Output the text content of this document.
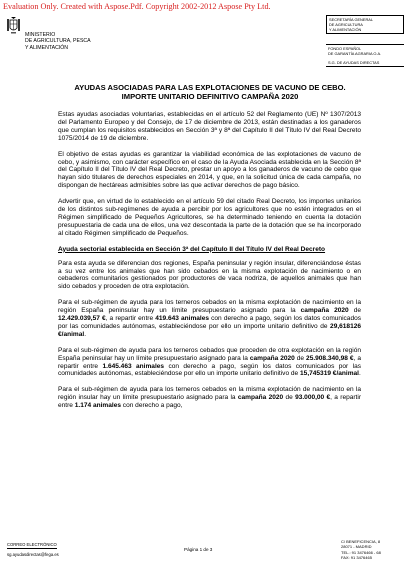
Evaluation Only. Created with Aspose.Pdf. Copyright 2002-2012 Aspose Pty Ltd.
MINISTERIO
DE AGRICULTURA, PESCA
Y ALIMENTACIÓN
SECRETARÍA GENERAL
DE AGRICULTURA
Y ALIMENTACIÓN
FONDO ESPAÑOL
DE GARANTÍA AGRARIA O.A.
S.G. DE AYUDAS DIRECTAS
AYUDAS ASOCIADAS PARA LAS EXPLOTACIONES DE VACUNO DE CEBO.
IMPORTE UNITARIO DEFINITIVO CAMPAÑA 2020

Estas ayudas asociadas voluntarias, establecidas en el artículo 52 del Reglamento (UE) Nº 1307/2013 del Parlamento Europeo y del Consejo, de 17 de diciembre de 2013, están destinadas a los ganaderos que cumplan los requisitos establecidos en Sección 3ª y 8ª del Capítulo II del Título IV del Real Decreto 1075/2014 de 19 de diciembre.

El objetivo de estas ayudas es garantizar la viabilidad económica de las explotaciones de vacuno de cebo, y asimismo, con carácter específico en el caso de la Ayuda Asociada establecida en la Sección 8ª del Capítulo II del Título IV del Real Decreto, prestar un apoyo a los ganaderos de vacuno de cebo que hayan sido titulares de derechos especiales en 2014, y que, en la solicitud única de cada campaña, no dispongan de hectáreas admisibles sobre las que activar derechos de pago básico.

Advertir que, en virtud de lo establecido en el artículo 59 del citado Real Decreto, los importes unitarios de los distintos sub-regímenes de ayuda a percibir por los agricultores que no estén integrados en el Régimen simplificado de Pequeños Agricultores, se ha determinado teniendo en cuenta la dotación presupuestaria de cada una de ellos, una vez descontada la parte de la dotación que se ha incorporado al citado Régimen simplificado de Pequeños.

Ayuda sectorial establecida en Sección 3ª del Capítulo II del Título IV del Real Decreto

Para esta ayuda se diferencian dos regiones, España peninsular y región insular, diferenciándose éstas a su vez entre los animales que han sido cebados en la misma explotación de nacimiento o en cebaderos comunitarios gestionados por productores de vaca nodriza, de aquellos animales que han sido cebados y proceden de otra explotación.

Para el sub-régimen de ayuda para los terneros cebados en la misma explotación de nacimiento en la región España peninsular hay un límite presupuestario asignado para la campaña 2020 de 12.429.039,57 €, a repartir entre 419.643 animales con derecho a pago, según los datos comunicados por las comunidades autónomas, estableciéndose por ello un importe unitario definitivo de 29,618126 €/animal.

Para el sub-régimen de ayuda para los terneros cebados que proceden de otra explotación en la región España peninsular hay un límite presupuestario asignado para la campaña 2020 de 25.908.340,98 €, a repartir entre 1.645.463 animales con derecho a pago, según los datos comunicados por las comunidades autónomas, estableciéndose por ello un importe unitario definitivo de 15,745319 €/animal.

Para el sub-régimen de ayuda para los terneros cebados en la misma explotación de nacimiento en la región insular hay un límite presupuestario asignado para la campaña 2020 de 93.000,00 €, a repartir entre 1.174 animales con derecho a pago,

CORREO ELECTRÓNICO
sg.ayudasdirectas@fega.es
Página 1 de 3
C/ BENEFICENCIA, 8
28071 - MADRID
TEL.: 91 3476466 - 68
FAX: 91 3476465
